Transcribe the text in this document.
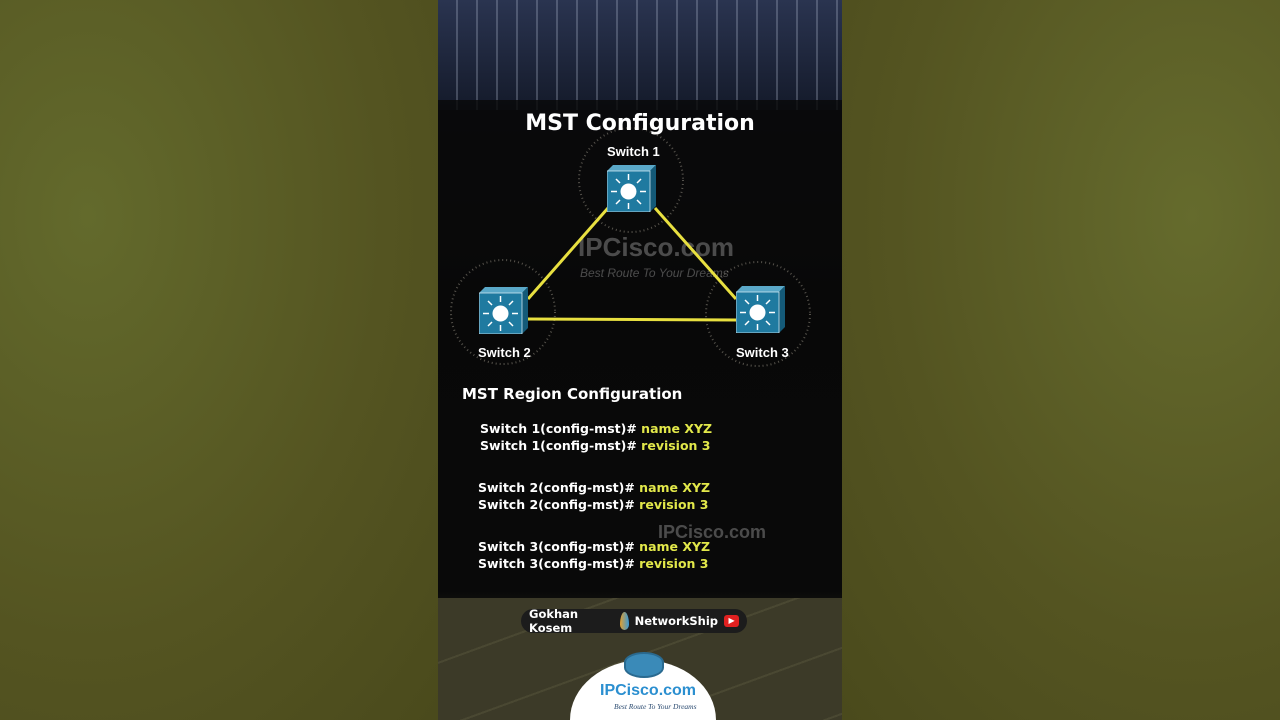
MST Configuration
IPCisco.com
Best Route To Your Dreams
Switch 1
Switch 2	Switch 3
MST Region Configuration
Switch 1(config-mst)# name XYZ
Switch 1(config-mst)# revision 3
Switch 2(config-mst)# name XYZ
Switch 2(config-mst)# revision 3
IPCisco.com
Switch 3(config-mst)# name XYZ
Switch 3(config-mst)# revision 3
Gokhan Kosem	NetworkShip	▶
IPCisco.com
Best Route To Your Dreams
